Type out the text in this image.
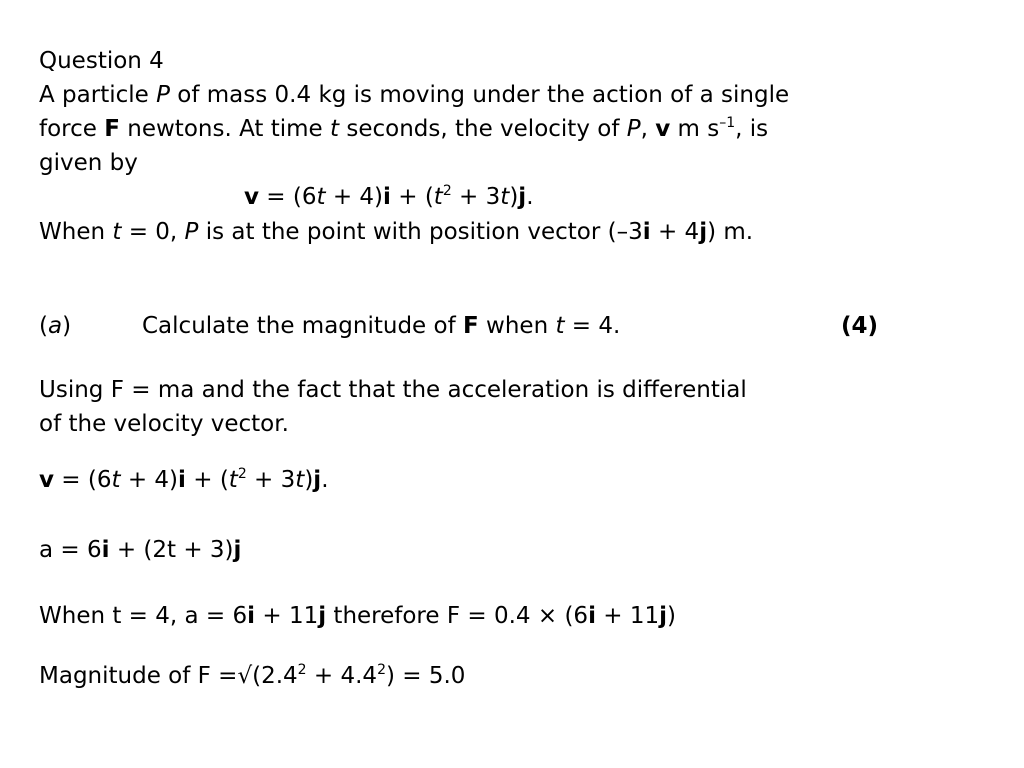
Question 4
A particle P of mass 0.4 kg is moving under the action of a single
force F newtons. At time t seconds, the velocity of P, v m $s^{-1}$, is
given by
$v = (6t + 4)i + (t^2 + 3t)j$.
When t = 0, P is at the point with position vector (–3i + 4j) m.
(a)	Calculate the magnitude of F when t = 4.	(4)
Using F = ma and the fact that the acceleration is differential
of the velocity vector.
$v = (6t + 4)i + (t^2 + 3t)j$.
a = 6i + (2t + 3)j
When t = 4, a = 6i + 11j therefore F = 0.4 × (6i + 11j)
Magnitude of $F =√(2.4^2 + 4.4^2) = 5.0$
